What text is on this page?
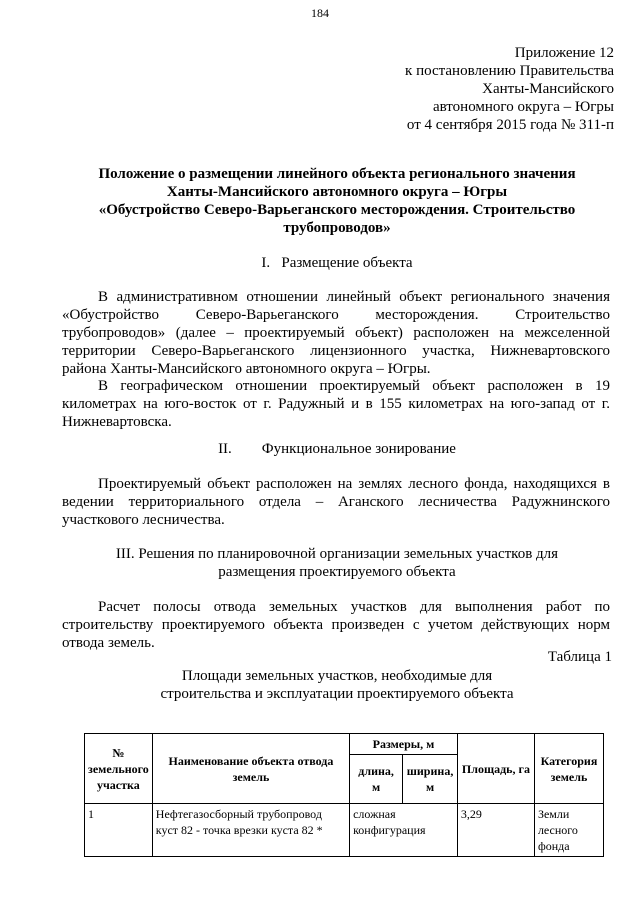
184
Приложение 12
к постановлению Правительства
Ханты-Мансийского
автономного округа – Югры
от 4 сентября 2015 года № 311-п
Положение о размещении линейного объекта регионального значения
Ханты-Мансийского автономного округа – Югры
«Обустройство Северо-Варьеганского месторождения. Строительство
трубопроводов»
I.   Размещение объекта
В административном отношении линейный объект регионального значения «Обустройство Северо-Варьеганского месторождения. Строительство трубопроводов» (далее – проектируемый объект) расположен на межселенной территории Северо-Варьеганского лицензионного участка, Нижневартовского района Ханты-Мансийского автономного округа – Югры.
В географическом отношении проектируемый объект расположен в 19 километрах на юго-восток от г. Радужный и в 155 километрах на юго-запад от г. Нижневартовска.
II.        Функциональное зонирование
Проектируемый объект расположен на землях лесного фонда, находящихся в ведении территориального отдела – Аганского лесничества Радужнинского участкового лесничества.
III. Решения по планировочной организации земельных участков для
размещения проектируемого объекта
Расчет полосы отвода земельных участков для выполнения работ по строительству проектируемого объекта произведен с учетом действующих норм отвода земель.
Таблица 1
Площади земельных участков, необходимые для
строительства и эксплуатации проектируемого объекта
№ земельного участка	Наименование объекта отвода земель	Размеры, м		Площадь, га	Категория земель
		длина, м	ширина, м		
1	Нефтегазосборный трубопровод куст 82 - точка врезки куста 82 *	сложная конфигурация		3,29	Земли лесного фонда
